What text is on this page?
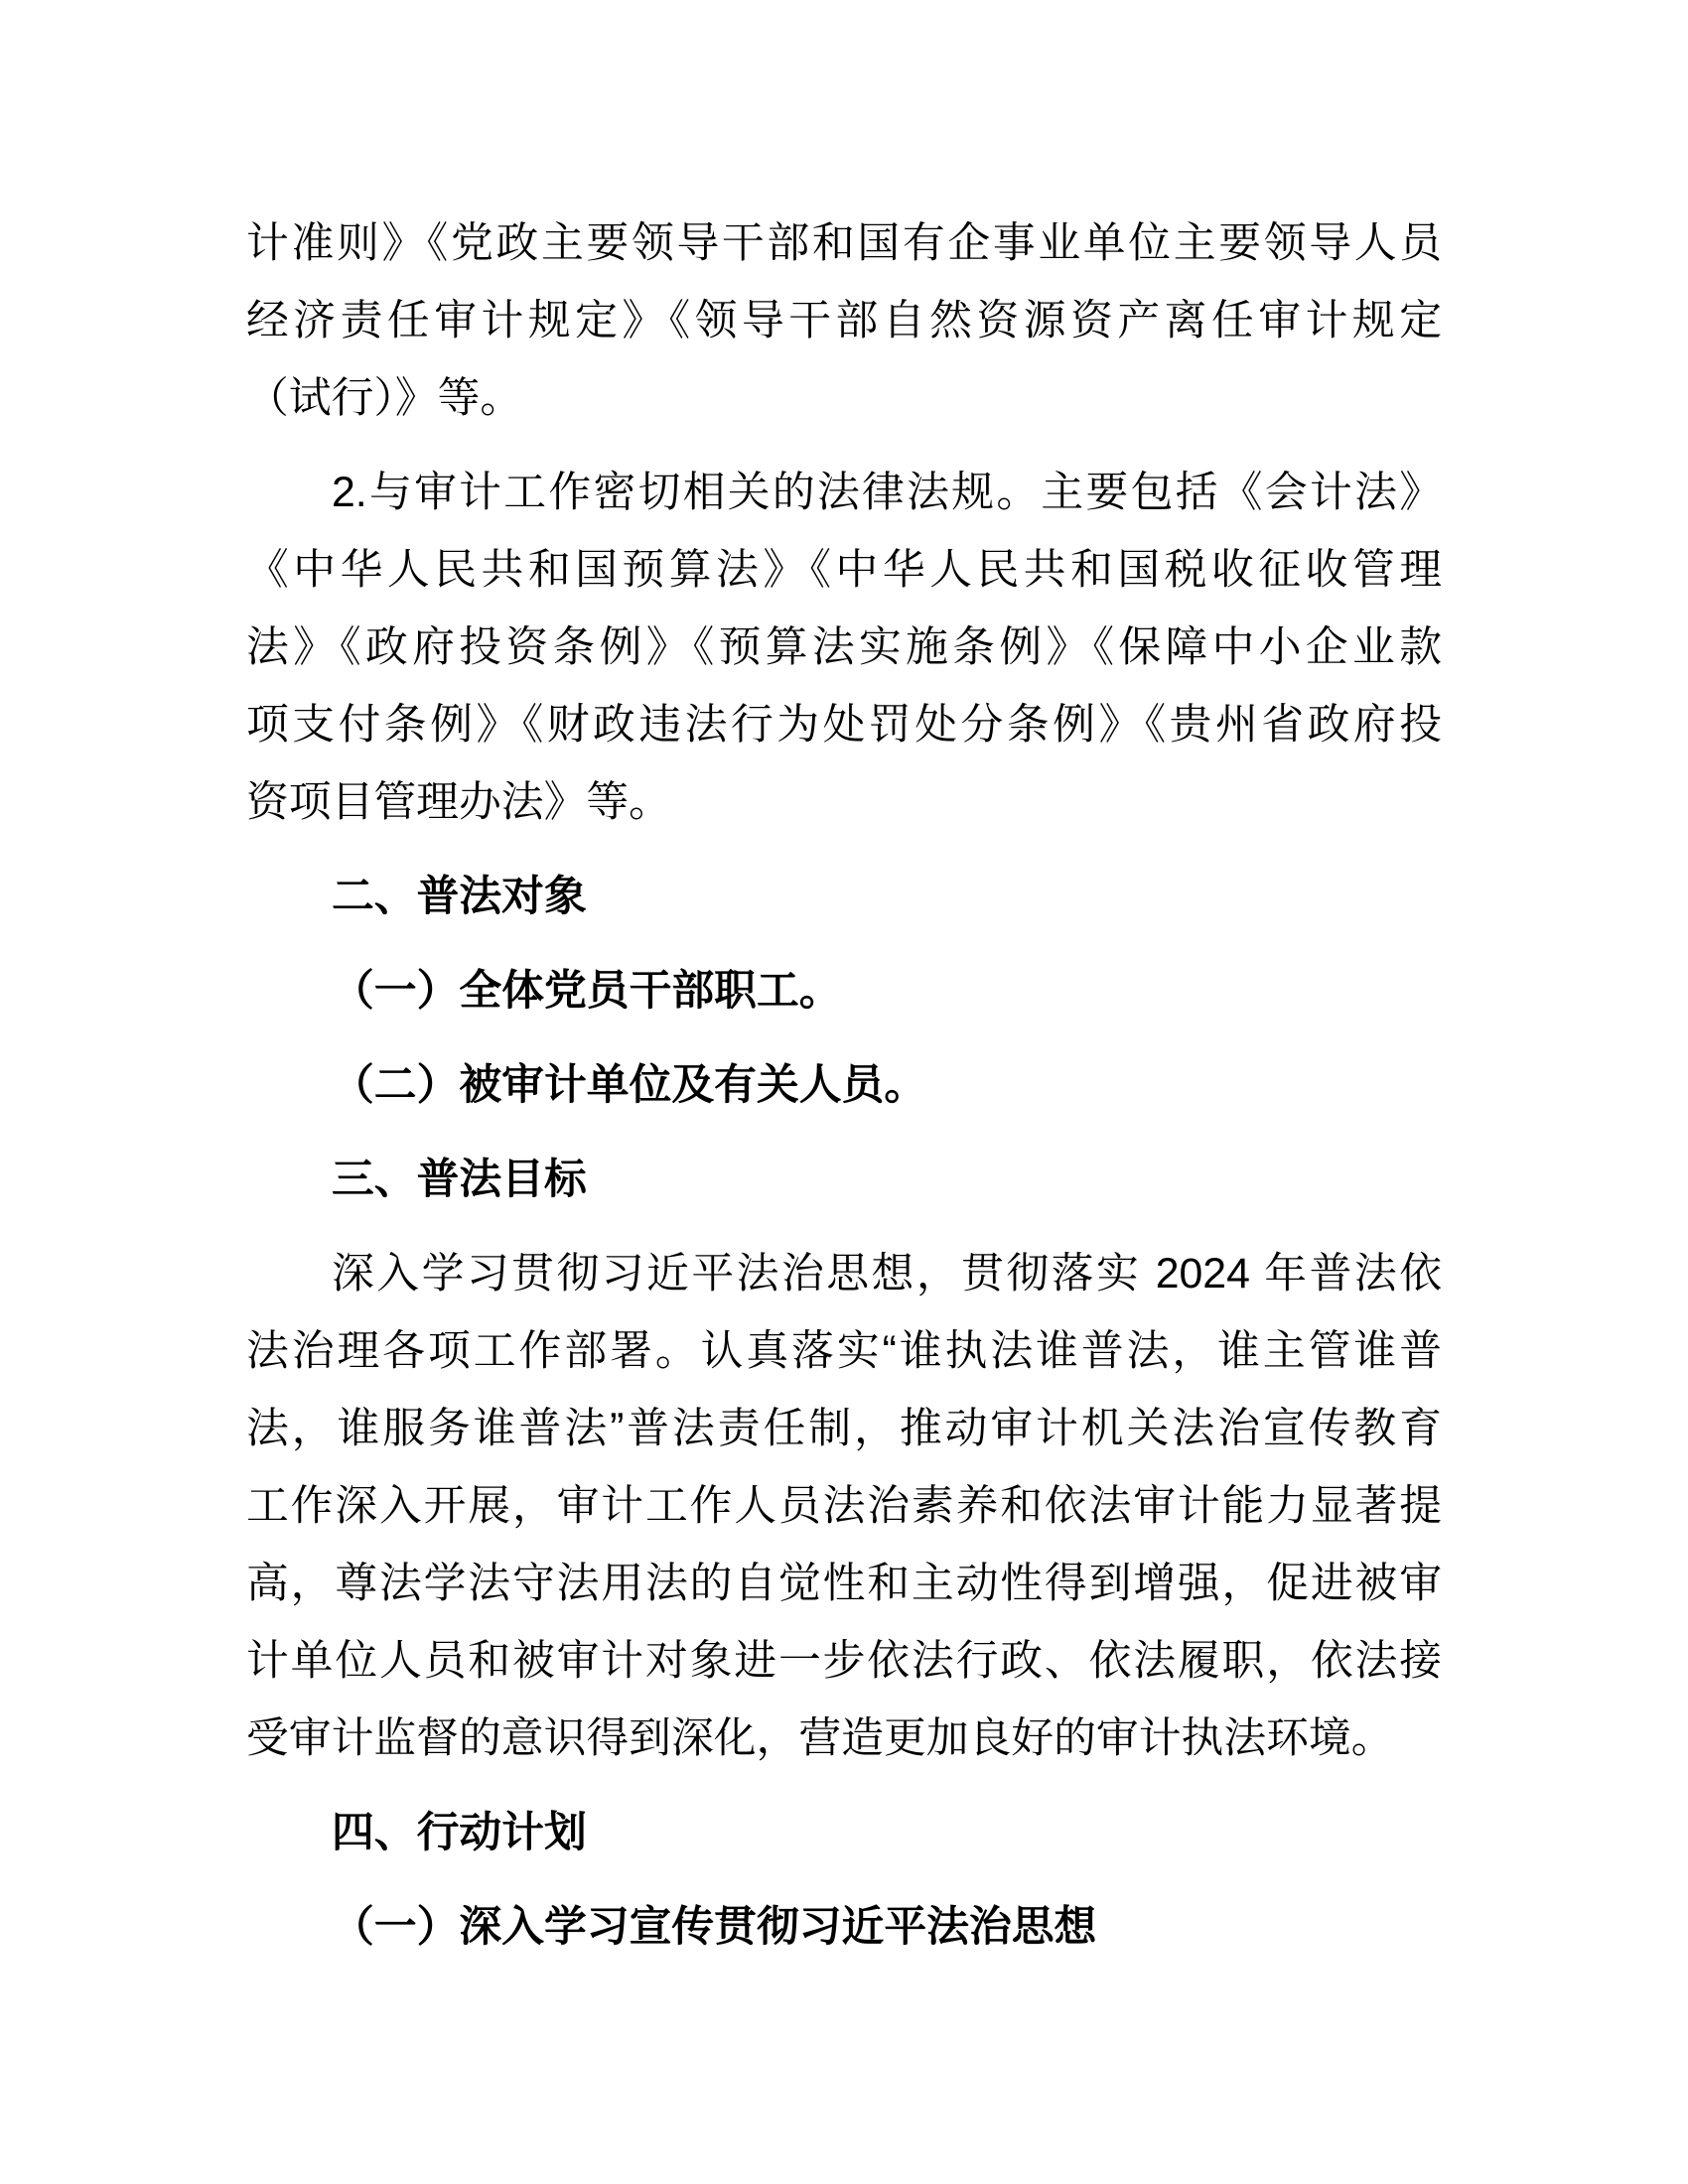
计准则》《党政主要领导干部和国有企事业单位主要领导人员
经济责任审计规定》《领导干部自然资源资产离任审计规定
（试行）》等。
2.与审计工作密切相关的法律法规。主要包括《会计法》
《中华人民共和国预算法》《中华人民共和国税收征收管理
法》《政府投资条例》《预算法实施条例》《保障中小企业款
项支付条例》《财政违法行为处罚处分条例》《贵州省政府投
资项目管理办法》等。
二、普法对象
（一）全体党员干部职工。
（二）被审计单位及有关人员。
三、普法目标
深入学习贯彻习近平法治思想，贯彻落实 2024 年普法依
法治理各项工作部署。认真落实“谁执法谁普法，谁主管谁普
法，谁服务谁普法”普法责任制，推动审计机关法治宣传教育
工作深入开展，审计工作人员法治素养和依法审计能力显著提
高，尊法学法守法用法的自觉性和主动性得到增强，促进被审
计单位人员和被审计对象进一步依法行政、依法履职，依法接
受审计监督的意识得到深化，营造更加良好的审计执法环境。
四、行动计划
（一）深入学习宣传贯彻习近平法治思想
